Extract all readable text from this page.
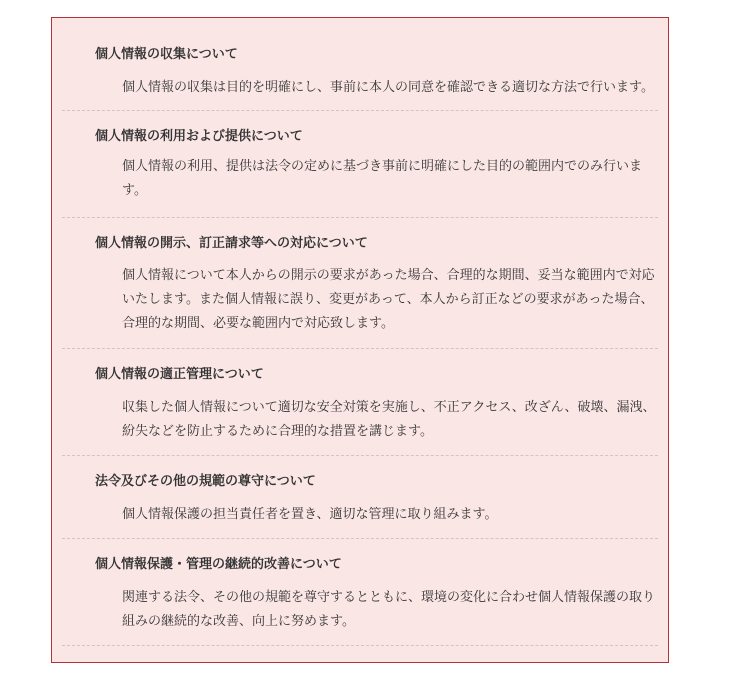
個人情報の収集について

個人情報の収集は目的を明確にし、事前に本人の同意を確認できる適切な方法で行います。

個人情報の利用および提供について

個人情報の利用、提供は法令の定めに基づき事前に明確にした目的の範囲内でのみ行います。

個人情報の開示、訂正請求等への対応について

個人情報について本人からの開示の要求があった場合、合理的な期間、妥当な範囲内で対応いたします。また個人情報に誤り、変更があって、本人から訂正などの要求があった場合、合理的な期間、必要な範囲内で対応致します。

個人情報の適正管理について

収集した個人情報について適切な安全対策を実施し、不正アクセス、改ざん、破壊、漏洩、紛失などを防止するために合理的な措置を講じます。

法令及びその他の規範の尊守について

個人情報保護の担当責任者を置き、適切な管理に取り組みます。

個人情報保護・管理の継続的改善について

関連する法令、その他の規範を尊守するとともに、環境の変化に合わせ個人情報保護の取り組みの継続的な改善、向上に努めます。
